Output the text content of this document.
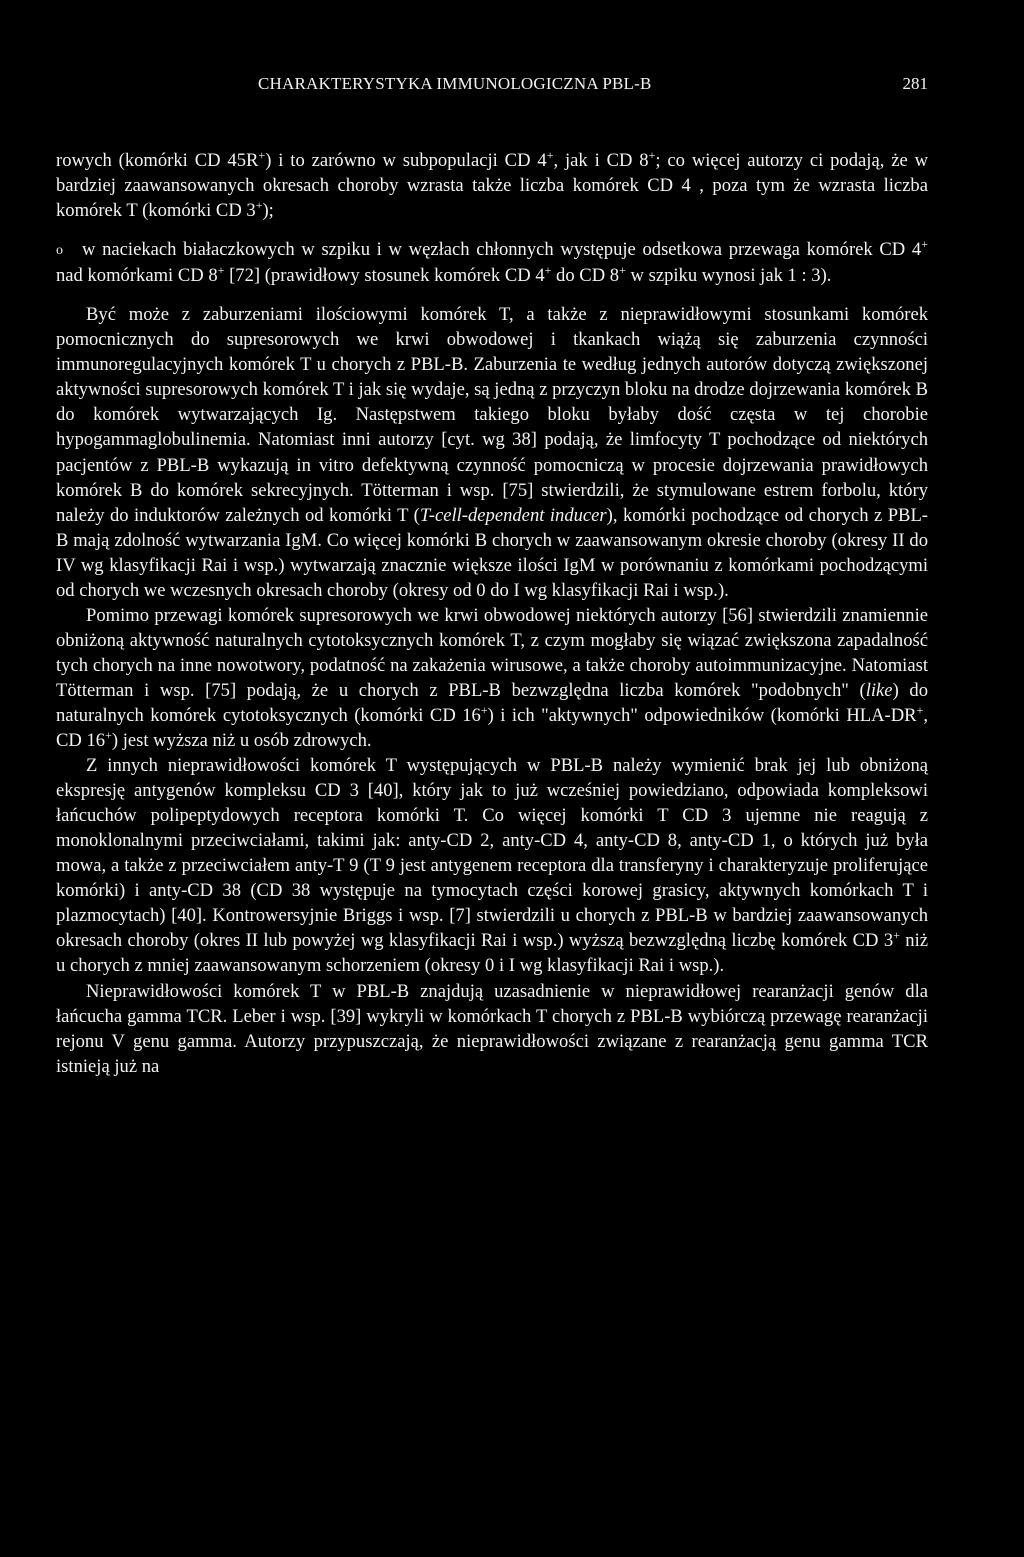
CHARAKTERYSTYKA IMMUNOLOGICZNA PBL-B	281

rowych (komórki CD 45R+) i to zarówno w subpopulacji CD 4+, jak i CD 8+; co więcej autorzy ci podają, że w bardziej zaawansowanych okresach choroby wzrasta także liczba komórek CD 4 , poza tym że wzrasta liczba komórek T (komórki CD 3+);

o w naciekach białaczkowych w szpiku i w węzłach chłonnych występuje odsetkowa przewaga komórek CD 4+ nad komórkami CD 8+ [72] (prawidłowy stosunek komórek CD 4+ do CD 8+ w szpiku wynosi jak 1 : 3).

Być może z zaburzeniami ilościowymi komórek T, a także z nieprawidłowymi stosunkami komórek pomocnicznych do supresorowych we krwi obwodowej i tkankach wiążą się zaburzenia czynności immunoregulacyjnych komórek T u chorych z PBL-B. Zaburzenia te według jednych autorów dotyczą zwiększonej aktywności supresorowych komórek T i jak się wydaje, są jedną z przyczyn bloku na drodze dojrzewania komórek B do komórek wytwarzających Ig. Następstwem takiego bloku byłaby dość częsta w tej chorobie hypogammaglobulinemia. Natomiast inni autorzy [cyt. wg 38] podają, że limfocyty T pochodzące od niektórych pacjentów z PBL-B wykazują in vitro defektywną czynność pomocniczą w procesie dojrzewania prawidłowych komórek B do komórek sekrecyjnych. Tötterman i wsp. [75] stwierdzili, że stymulowane estrem forbolu, który należy do induktorów zależnych od komórki T (T-cell-dependent inducer), komórki pochodzące od chorych z PBL-B mają zdolność wytwarzania IgM. Co więcej komórki B chorych w zaawansowanym okresie choroby (okresy II do IV wg klasyfikacji Rai i wsp.) wytwarzają znacznie większe ilości IgM w porównaniu z komórkami pochodzącymi od chorych we wczesnych okresach choroby (okresy od 0 do I wg klasyfikacji Rai i wsp.).

Pomimo przewagi komórek supresorowych we krwi obwodowej niektórych autorzy [56] stwierdzili znamiennie obniżoną aktywność naturalnych cytotoksycznych komórek T, z czym mogłaby się wiązać zwiększona zapadalność tych chorych na inne nowotwory, podatność na zakażenia wirusowe, a także choroby autoimmunizacyjne. Natomiast Tötterman i wsp. [75] podają, że u chorych z PBL-B bezwzględna liczba komórek "podobnych" (like) do naturalnych komórek cytotoksycznych (komórki CD 16+) i ich "aktywnych" odpowiedników (komórki HLA-DR+, CD 16+) jest wyższa niż u osób zdrowych.

Z innych nieprawidłowości komórek T występujących w PBL-B należy wymienić brak jej lub obniżoną ekspresję antygenów kompleksu CD 3 [40], który jak to już wcześniej powiedziano, odpowiada kompleksowi łańcuchów polipeptydowych receptora komórki T. Co więcej komórki T CD 3 ujemne nie reagują z monoklonalnymi przeciwciałami, takimi jak: anty-CD 2, anty-CD 4, anty-CD 8, anty-CD 1, o których już była mowa, a także z przeciwciałem anty-T 9 (T 9 jest antygenem receptora dla transferyny i charakteryzuje proliferujące komórki) i anty-CD 38 (CD 38 występuje na tymocytach części korowej grasicy, aktywnych komórkach T i plazmocytach) [40]. Kontrowersyjnie Briggs i wsp. [7] stwierdzili u chorych z PBL-B w bardziej zaawansowanych okresach choroby (okres II lub powyżej wg klasyfikacji Rai i wsp.) wyższą bezwzględną liczbę komórek CD 3+ niż u chorych z mniej zaawansowanym schorzeniem (okresy 0 i I wg klasyfikacji Rai i wsp.).

Nieprawidłowości komórek T w PBL-B znajdują uzasadnienie w nieprawidłowej rearanżacji genów dla łańcucha gamma TCR. Leber i wsp. [39] wykryli w komórkach T chorych z PBL-B wybiórczą przewagę rearanżacji rejonu V genu gamma. Autorzy przypuszczają, że nieprawidłowości związane z rearanżacją genu gamma TCR istnieją już na
